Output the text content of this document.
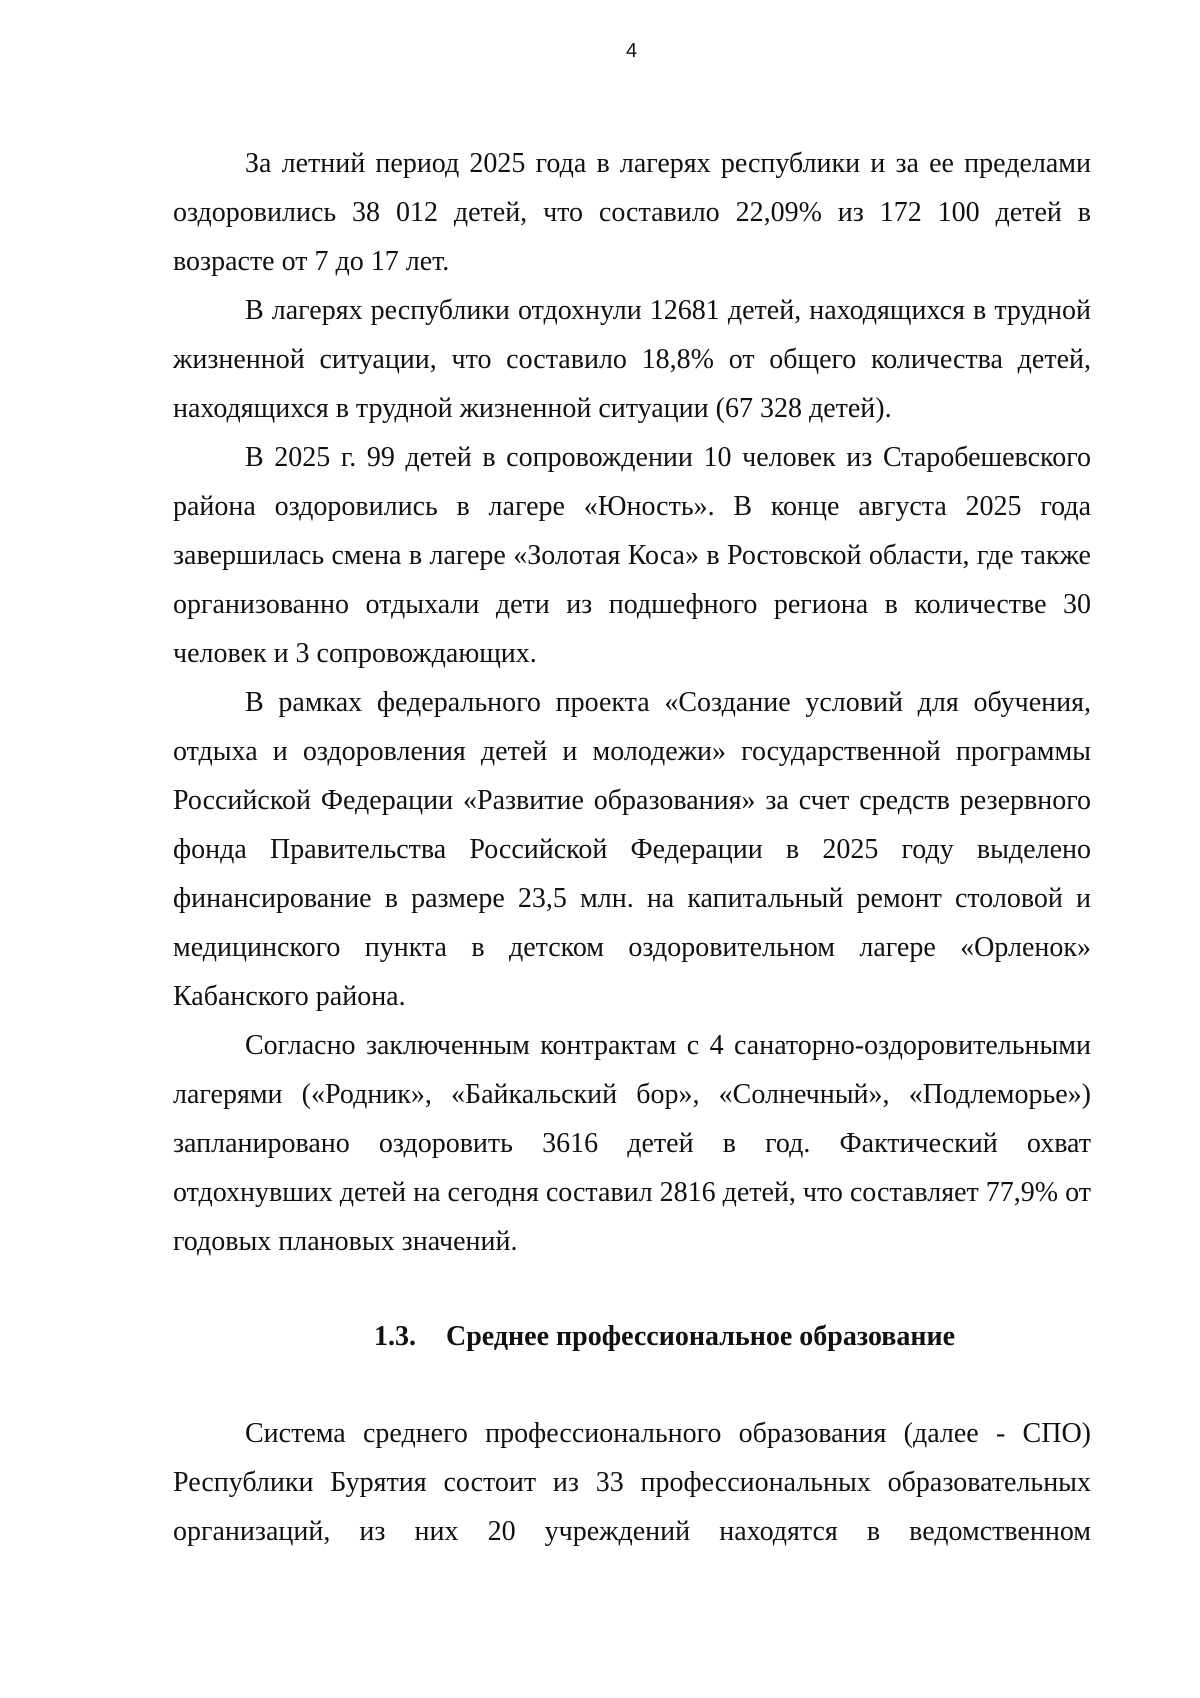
4

За летний период 2025 года в лагерях республики и за ее пределами оздоровились 38 012 детей, что составило 22,09% из 172 100 детей в возрасте от 7 до 17 лет.

В лагерях республики отдохнули 12681 детей, находящихся в трудной жизненной ситуации, что составило 18,8% от общего количества детей, находящихся в трудной жизненной ситуации (67 328 детей).

В 2025 г. 99 детей в сопровождении 10 человек из Старобешевского района оздоровились в лагере «Юность». В конце августа 2025 года завершилась смена в лагере «Золотая Коса» в Ростовской области, где также организованно отдыхали дети из подшефного региона в количестве 30 человек и 3 сопровождающих.

В рамках федерального проекта «Создание условий для обучения, отдыха и оздоровления детей и молодежи» государственной программы Российской Федерации «Развитие образования» за счет средств резервного фонда Правительства Российской Федерации в 2025 году выделено финансирование в размере 23,5 млн. на капитальный ремонт столовой и медицинского пункта в детском оздоровительном лагере «Орленок» Кабанского района.

Согласно заключенным контрактам с 4 санаторно-оздоровительными лагерями («Родник», «Байкальский бор», «Солнечный», «Подлеморье») запланировано оздоровить 3616 детей в год. Фактический охват отдохнувших детей на сегодня составил 2816 детей, что составляет 77,9% от годовых плановых значений.

1.3. Среднее профессиональное образование

Система среднего профессионального образования (далее - СПО) Республики Бурятия состоит из 33 профессиональных образовательных организаций, из них 20 учреждений находятся в ведомственном
